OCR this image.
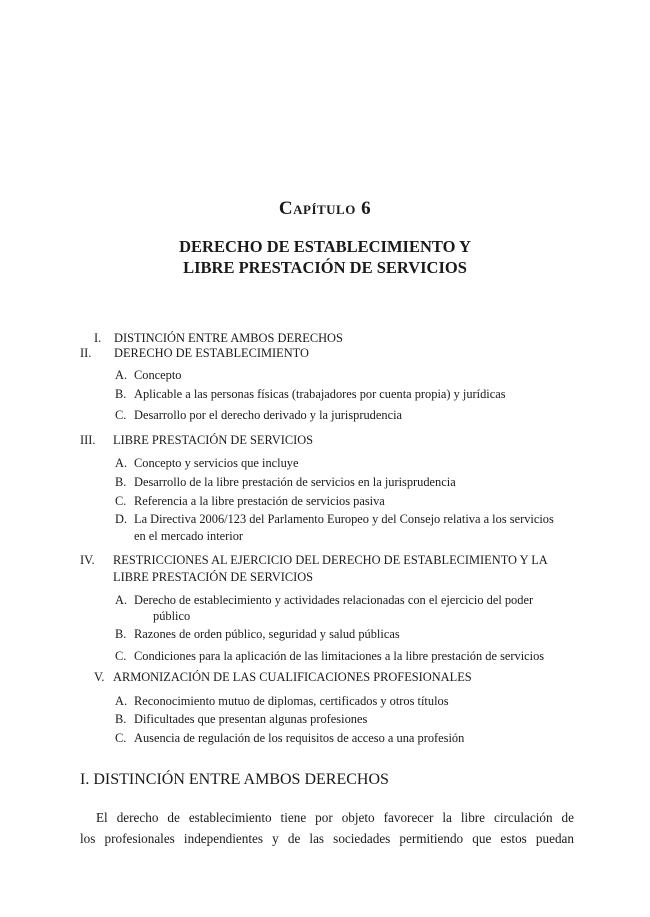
Capítulo 6
DERECHO DE ESTABLECIMIENTO Y
LIBRE PRESTACIÓN DE SERVICIOS
I. DISTINCIÓN ENTRE AMBOS DERECHOS
II. DERECHO DE ESTABLECIMIENTO
A. Concepto
B. Aplicable a las personas físicas (trabajadores por cuenta propia) y jurídicas
C. Desarrollo por el derecho derivado y la jurisprudencia
III. LIBRE PRESTACIÓN DE SERVICIOS
A. Concepto y servicios que incluye
B. Desarrollo de la libre prestación de servicios en la jurisprudencia
C. Referencia a la libre prestación de servicios pasiva
D. La Directiva 2006/123 del Parlamento Europeo y del Consejo relativa a los servicios
en el mercado interior
IV. RESTRICCIONES AL EJERCICIO DEL DERECHO DE ESTABLECIMIENTO Y LA
LIBRE PRESTACIÓN DE SERVICIOS
A. Derecho de establecimiento y actividades relacionadas con el ejercicio del poder
público
B. Razones de orden público, seguridad y salud públicas
C. Condiciones para la aplicación de las limitaciones a la libre prestación de servicios
V. ARMONIZACIÓN DE LAS CUALIFICACIONES PROFESIONALES
A. Reconocimiento mutuo de diplomas, certificados y otros títulos
B. Dificultades que presentan algunas profesiones
C. Ausencia de regulación de los requisitos de acceso a una profesión
I. DISTINCIÓN ENTRE AMBOS DERECHOS
El derecho de establecimiento tiene por objeto favorecer la libre circulación de
los profesionales independientes y de las sociedades permitiendo que estos puedan
